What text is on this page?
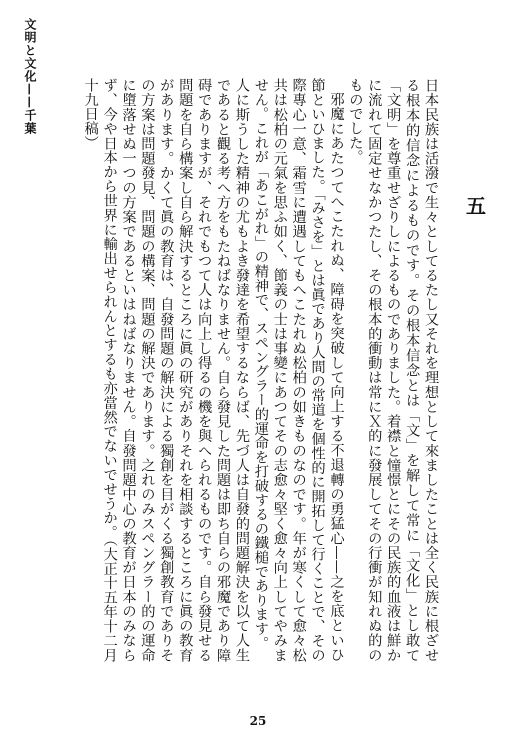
文明と文化——千葉
五

日本民族は活潑で生々としてるたし又それを理想として來ましたことは全く民族に根ざせる根本的信念によるものです。その根本信念とは「文」を解して常に「文化」とし敢て「文明」を尊重せざりしによるものでありました。着襟と憧憬とにその民族的血液は鮮かに流れて固定せなかつたし、その根本的衝動は常にＸ的に發展してその行衝が知れぬ的のものでした。

邪魔にあたつてへこたれぬ、障碍を突破して向上する不退轉の勇猛心——之を底といひ節といひました。「みさを」とは眞であり人間の常道を個性的に開拓して行くことで、その際專心一意、霜雪に遭遇してもへこたれぬ松柏の如きものなのです。年が寒くして愈々松共は松柏の元氣を思ふ如く、節義の士は事變にあつてその志愈々堅く愈々向上してやみません。これが「あこがれ」の精神で、スペングラー的運命を打破するの鐵槌であります。

人に斯うした精神の尤もよき發達を希望するならば、先づ人は自發的問題解決を以て人生であると觀る考へ方をもたねばなりません。自ら發見した問題は即ち自らの邪魔であり障碍でありますが、それでもつて人は向上し得るの機を與へられるものです。自ら發見せる問題を自ら構案し自ら解決するところに眞の研究がありそれを相談するところに眞の教育があります。かくて眞の教育は、自發問題の解決による獨創を目がくる獨創教育でありその方案は問題發見、問題の構案、問題の解決であります。之れのみスペングラー的の運命に墮落せぬ一つの方案であるといはねばなりません。自發問題中心の教育が日本のみならず、今や日本から世界に輸出せられんとするも亦當然でないでせうか。（大正十五年十二月十九日稿）

25
